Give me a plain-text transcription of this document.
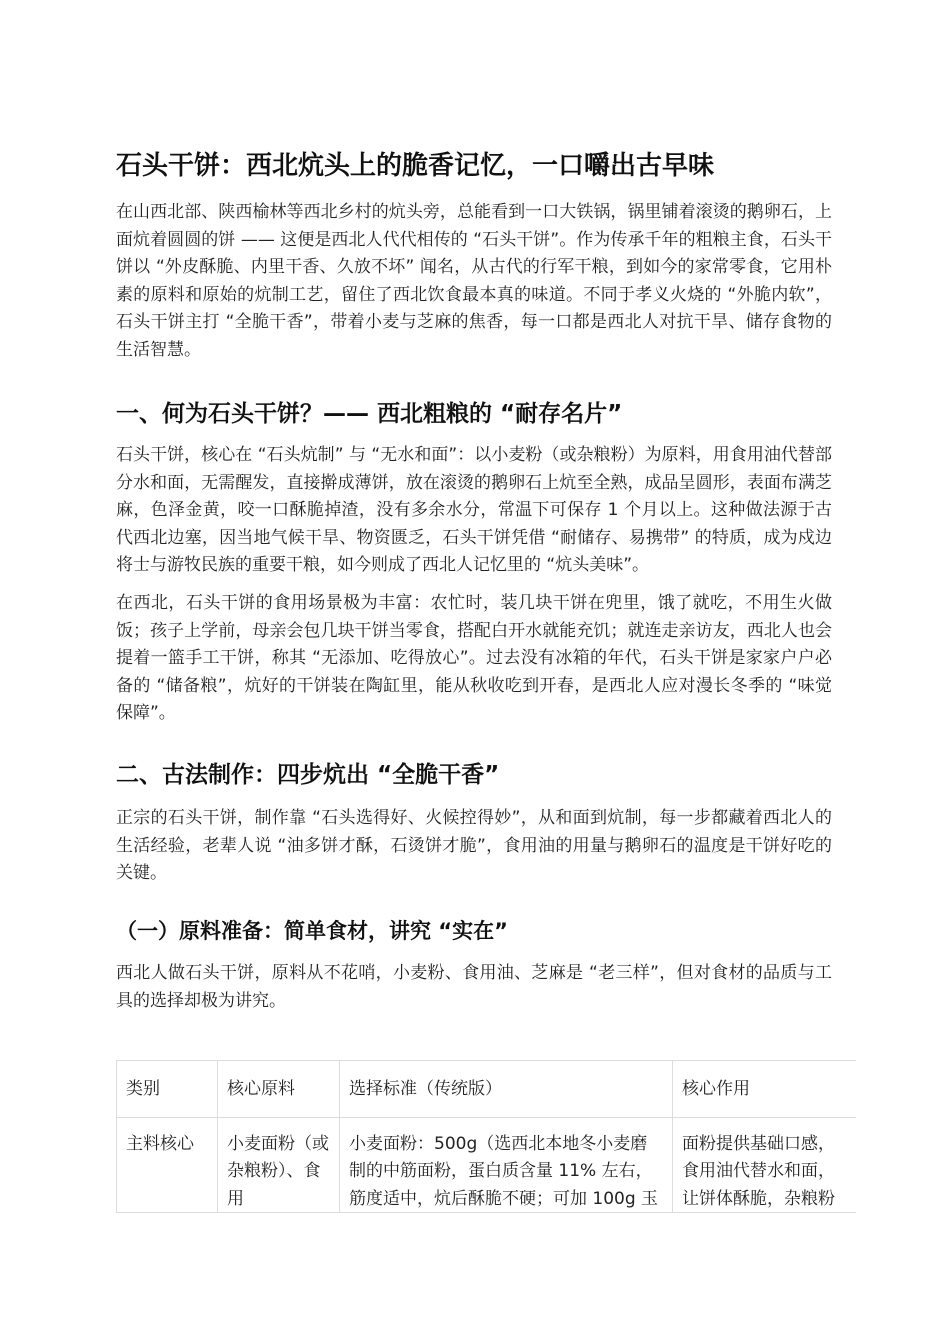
石头干饼：西北炕头上的脆香记忆，一口嚼出古早味

在山西北部、陕西榆林等西北乡村的炕头旁，总能看到一口大铁锅，锅里铺着滚烫的鹅卵石，上面炕着圆圆的饼 —— 这便是西北人代代相传的 “石头干饼”。作为传承千年的粗粮主食，石头干饼以 “外皮酥脆、内里干香、久放不坏” 闻名，从古代的行军干粮，到如今的家常零食，它用朴素的原料和原始的炕制工艺，留住了西北饮食最本真的味道。不同于孝义火烧的 “外脆内软”，石头干饼主打 “全脆干香”，带着小麦与芝麻的焦香，每一口都是西北人对抗干旱、储存食物的生活智慧。

一、何为石头干饼？—— 西北粗粮的 “耐存名片”

石头干饼，核心在 “石头炕制” 与 “无水和面”：以小麦粉（或杂粮粉）为原料，用食用油代替部分水和面，无需醒发，直接擀成薄饼，放在滚烫的鹅卵石上炕至全熟，成品呈圆形，表面布满芝麻，色泽金黄，咬一口酥脆掉渣，没有多余水分，常温下可保存 1 个月以上。这种做法源于古代西北边塞，因当地气候干旱、物资匮乏，石头干饼凭借 “耐储存、易携带” 的特质，成为戍边将士与游牧民族的重要干粮，如今则成了西北人记忆里的 “炕头美味”。

在西北，石头干饼的食用场景极为丰富：农忙时，装几块干饼在兜里，饿了就吃，不用生火做饭；孩子上学前，母亲会包几块干饼当零食，搭配白开水就能充饥；就连走亲访友，西北人也会提着一篮手工干饼，称其 “无添加、吃得放心”。过去没有冰箱的年代，石头干饼是家家户户必备的 “储备粮”，炕好的干饼装在陶缸里，能从秋收吃到开春，是西北人应对漫长冬季的 “味觉保障”。

二、古法制作：四步炕出 “全脆干香”

正宗的石头干饼，制作靠 “石头选得好、火候控得妙”，从和面到炕制，每一步都藏着西北人的生活经验，老辈人说 “油多饼才酥，石烫饼才脆”，食用油的用量与鹅卵石的温度是干饼好吃的关键。

（一）原料准备：简单食材，讲究 “实在”

西北人做石头干饼，原料从不花哨，小麦粉、食用油、芝麻是 “老三样”，但对食材的品质与工具的选择却极为讲究。

类别	核心原料	选择标准（传统版）	核心作用
主料核心	小麦面粉（或杂粮粉）、食用	小麦面粉：500g（选西北本地冬小麦磨制的中筋面粉，蛋白质含量 11% 左右，筋度适中，炕后酥脆不硬；可加 100g 玉	面粉提供基础口感，食用油代替水和面，让饼体酥脆，杂粮粉
